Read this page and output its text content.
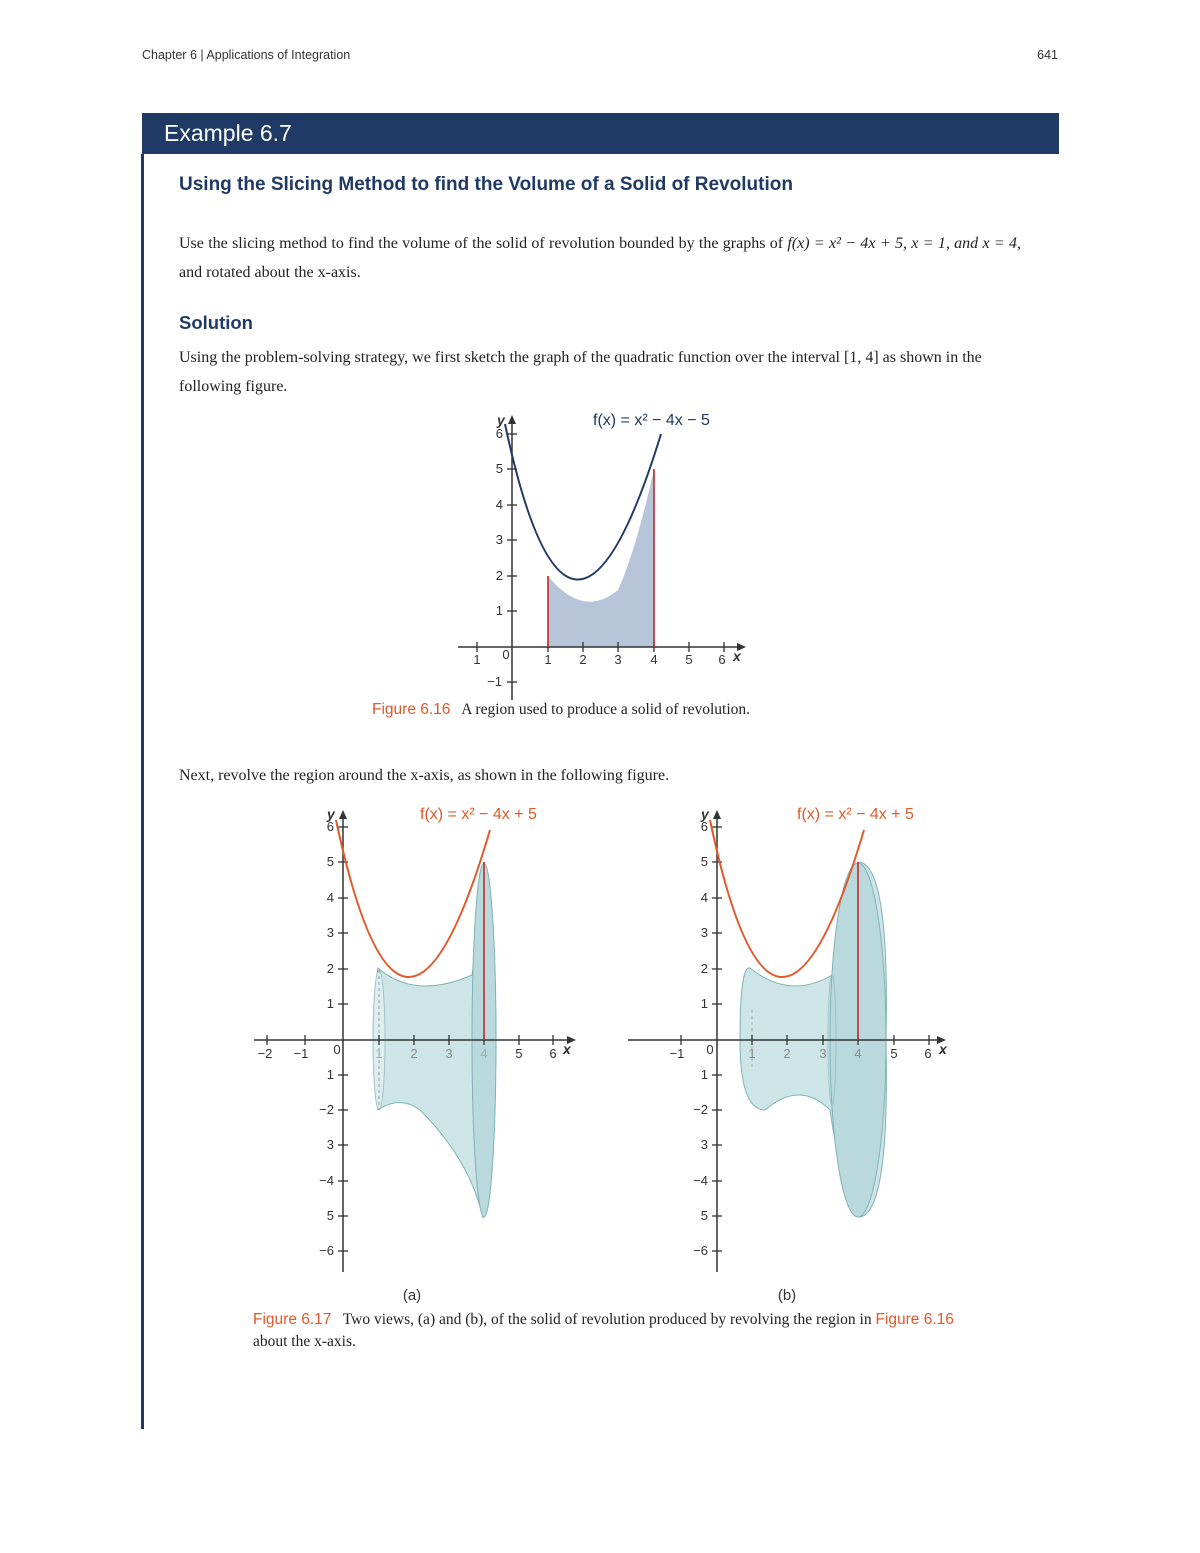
Chapter 6 | Applications of Integration	641
Example 6.7
Using the Slicing Method to find the Volume of a Solid of Revolution
Use the slicing method to find the volume of the solid of revolution bounded by the graphs of f(x) = x² − 4x + 5, x = 1, and x = 4, and rotated about the x-axis.
Solution
Using the problem-solving strategy, we first sketch the graph of the quadratic function over the interval [1, 4] as shown in the following figure.
1 0	1 2 3 4 5 6
−1
1
2
3
4
5
6
x
y	f(x) = x² − 4x − 5
Figure 6.16 A region used to produce a solid of revolution.
Next, revolve the region around the x-axis, as shown in the following figure.
−2 −1 0	1 2 3 4 5 6
6
5
4
3
2
1
1
−2
3
−4
5
−6
x
y	f(x) = x² − 4x + 5
(a)
−1 0	1 2 3 4 5 6
6
5
4
3
2
1
1
−2
3
−4
5
−6
x
y	f(x) = x² − 4x + 5
(b)
Figure 6.17 Two views, (a) and (b), of the solid of revolution produced by revolving the region in Figure 6.16 about the x-axis.
